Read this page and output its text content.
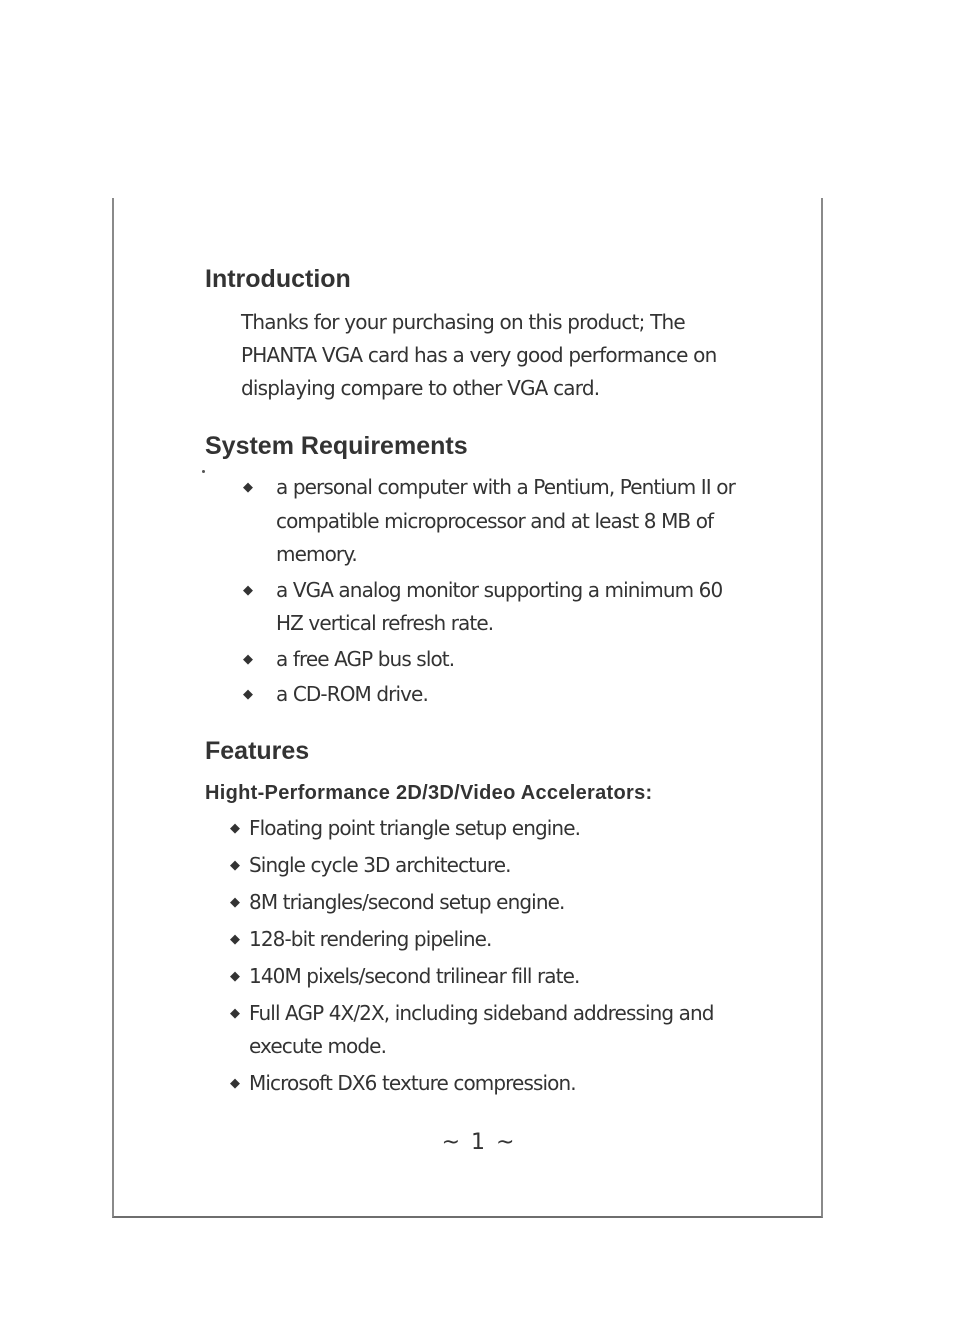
Introduction

Thanks for your purchasing on this product; The PHANTA VGA card has a very good performance on displaying compare to other VGA card.

System Requirements
◆ a personal computer with a Pentium, Pentium II or compatible microprocessor and at least 8 MB of memory.
◆ a VGA analog monitor supporting a minimum 60 HZ vertical refresh rate.
◆ a free AGP bus slot.
◆ a CD-ROM drive.
Features
Hight-Performance 2D/3D/Video Accelerators:
◆ Floating point triangle setup engine.
◆ Single cycle 3D architecture.
◆ 8M triangles/second setup engine.
◆ 128-bit rendering pipeline.
◆ 140M pixels/second trilinear fill rate.
◆ Full AGP 4X/2X, including sideband addressing and execute mode.
◆ Microsoft DX6 texture compression.
~ 1 ~
